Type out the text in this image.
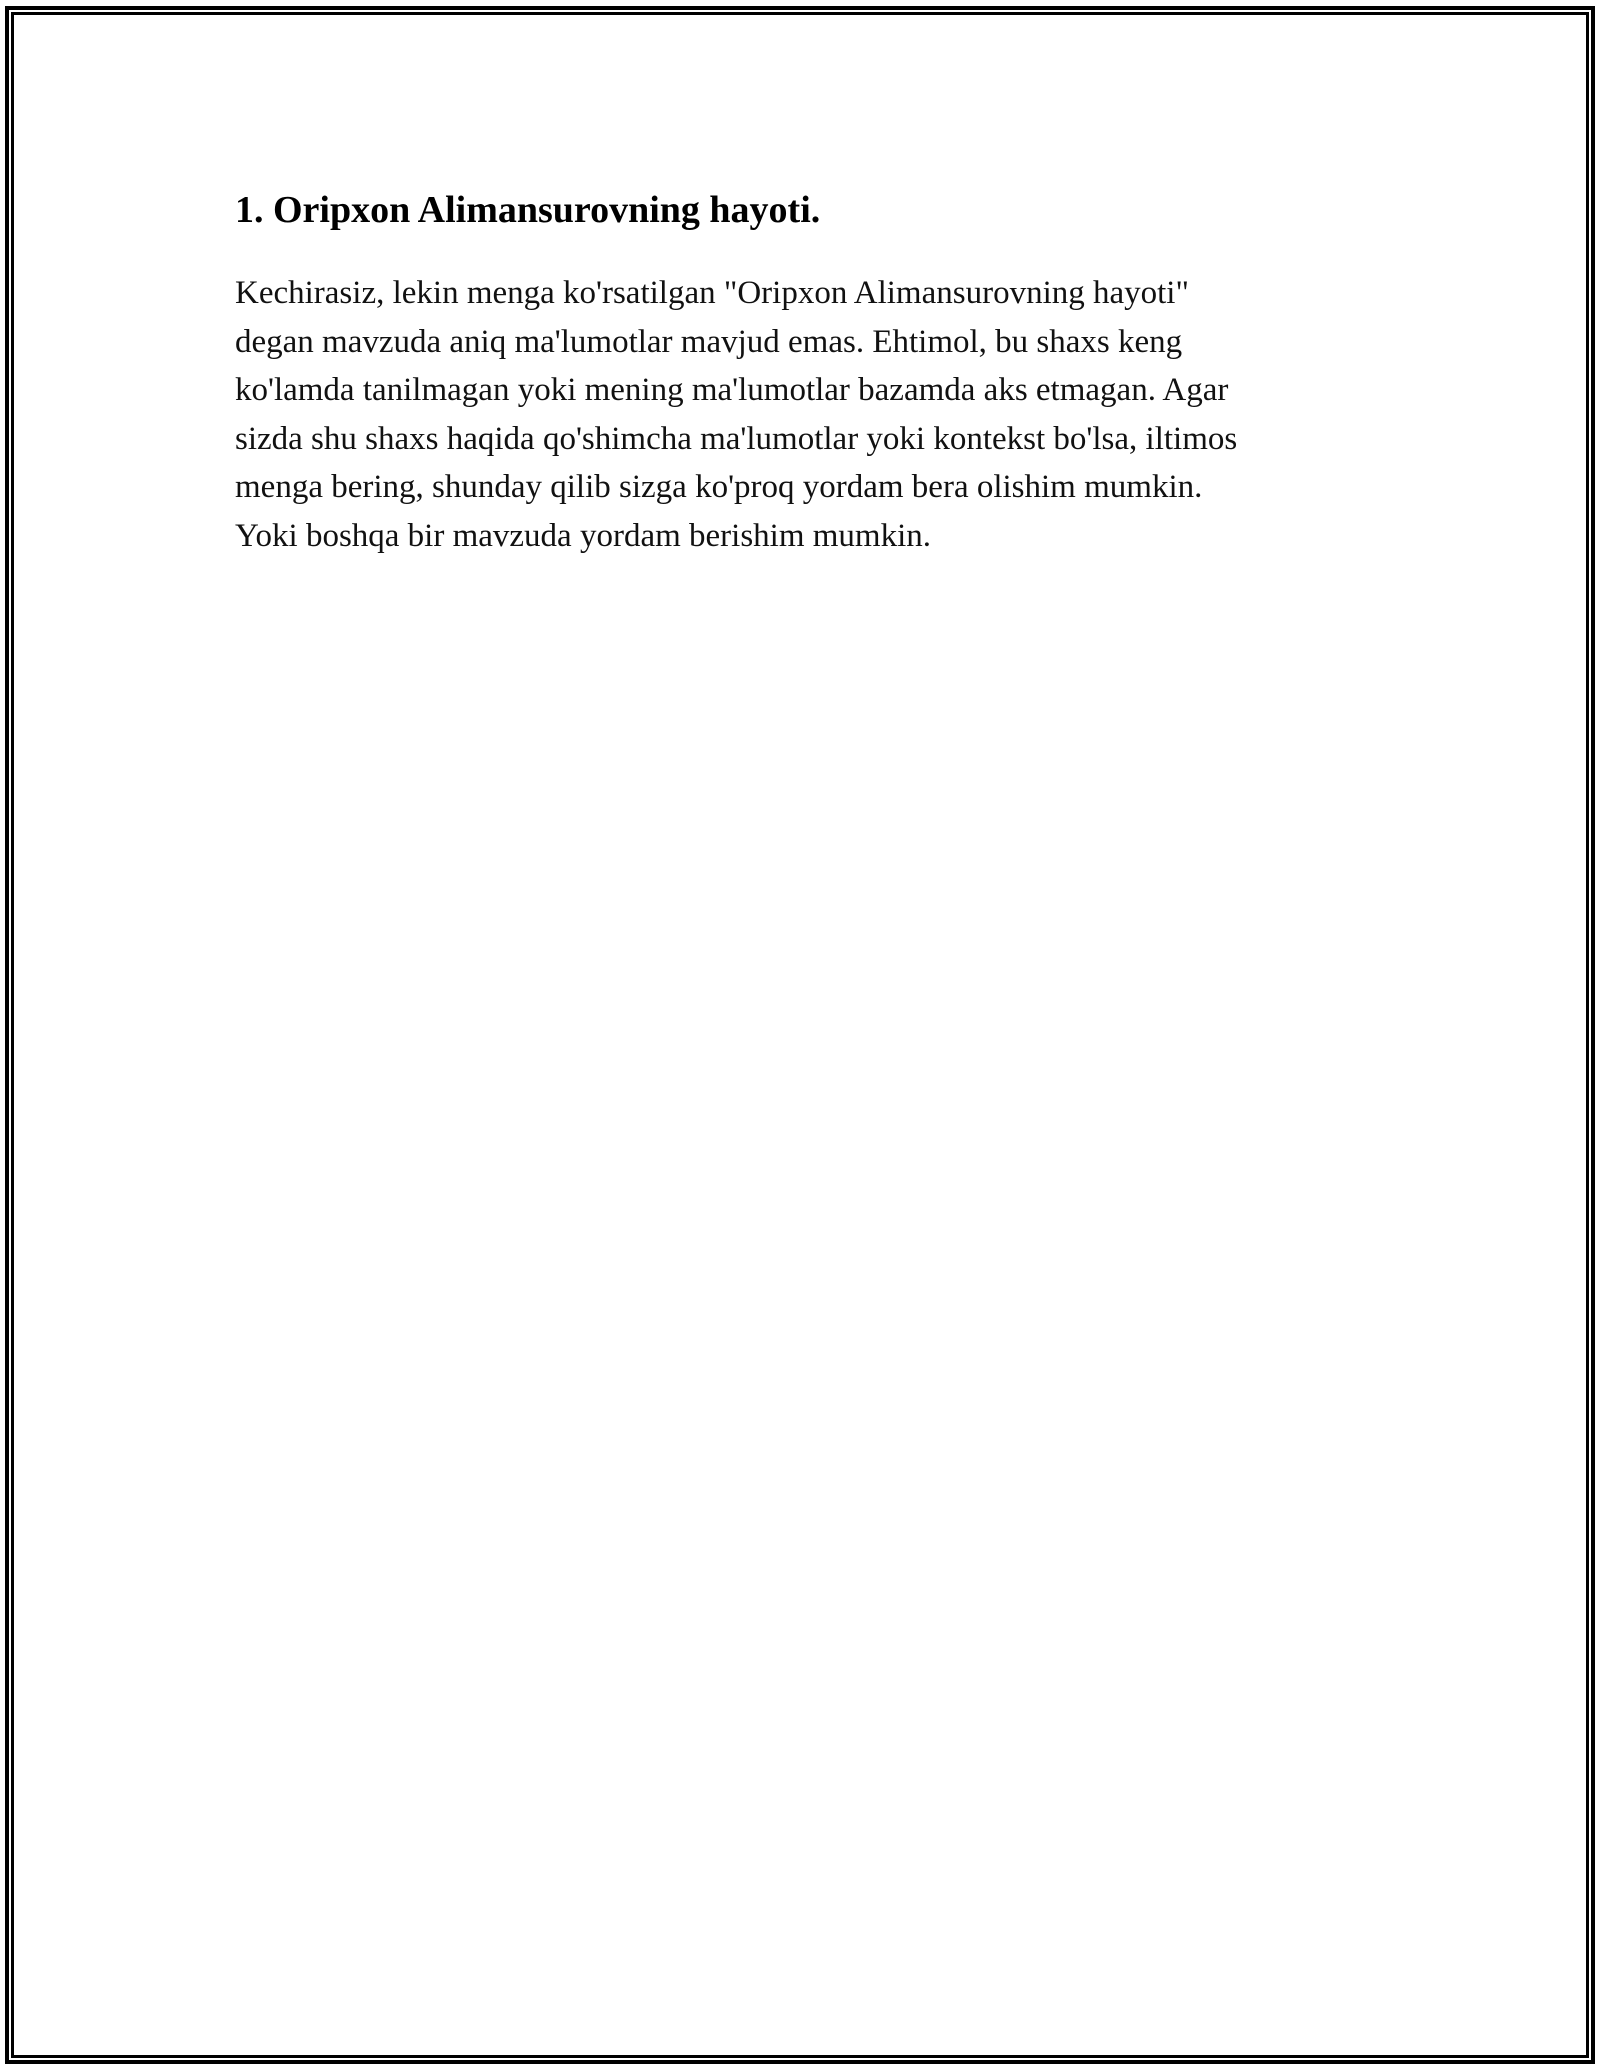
1. Oripxon Alimansurovning hayoti.

Kechirasiz, lekin menga ko'rsatilgan "Oripxon Alimansurovning hayoti"
degan mavzuda aniq ma'lumotlar mavjud emas. Ehtimol, bu shaxs keng
ko'lamda tanilmagan yoki mening ma'lumotlar bazamda aks etmagan. Agar
sizda shu shaxs haqida qo'shimcha ma'lumotlar yoki kontekst bo'lsa, iltimos
menga bering, shunday qilib sizga ko'proq yordam bera olishim mumkin.
Yoki boshqa bir mavzuda yordam berishim mumkin.
